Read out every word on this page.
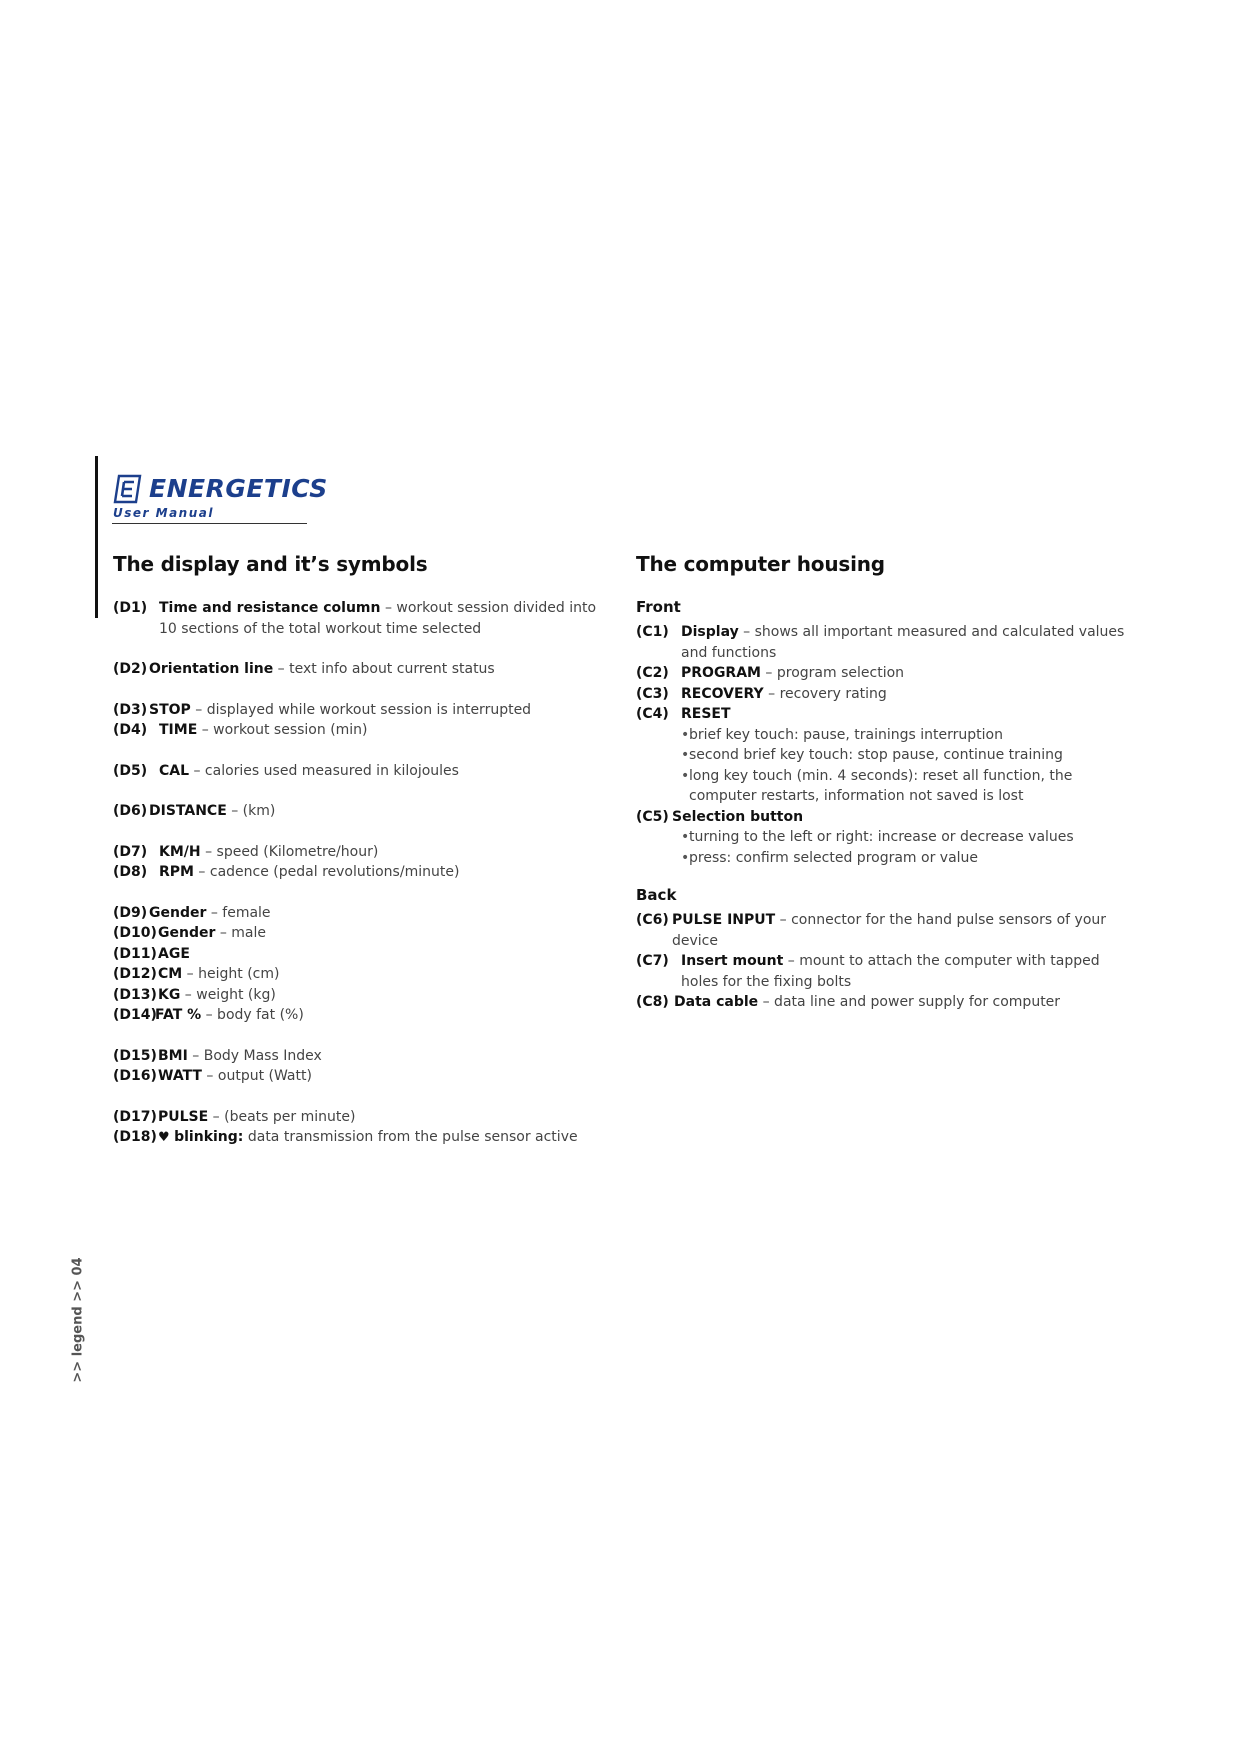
ENERGETICS
User Manual
The display and it’s symbols
(D1) Time and resistance column – workout session divided into 10 sections of the total workout time selected
(D2) Orientation line – text info about current status
(D3) STOP – displayed while workout session is interrupted
(D4) TIME – workout session (min)
(D5) CAL – calories used measured in kilojoules
(D6) DISTANCE – (km)
(D7) KM/H – speed (Kilometre/hour)
(D8) RPM – cadence (pedal revolutions/minute)
(D9) Gender – female
(D10) Gender – male
(D11) AGE
(D12) CM – height (cm)
(D13) KG – weight (kg)
(D14)
FAT % – body fat (%)
(D15) BMI – Body Mass Index
(D16) WATT – output (Watt)
(D17) PULSE – (beats per minute)
(D18) ♥ blinking: data transmission from the pulse sensor active
The computer housing
Front
(C1) Display – shows all important measured and calculated values and functions
(C2) PROGRAM – program selection
(C3) RECOVERY – recovery rating
(C4) RESET
• brief key touch: pause, trainings interruption
• second brief key touch: stop pause, continue training
• long key touch (min. 4 seconds): reset all function, the computer restarts, information not saved is lost
(C5) Selection button
• turning to the left or right: increase or decrease values
• press: confirm selected program or value
Back
(C6) PULSE INPUT – connector for the hand pulse sensors of your device
(C7) Insert mount – mount to attach the computer with tapped holes for the fixing bolts
(C8) Data cable – data line and power supply for computer
>> legend >> 04
